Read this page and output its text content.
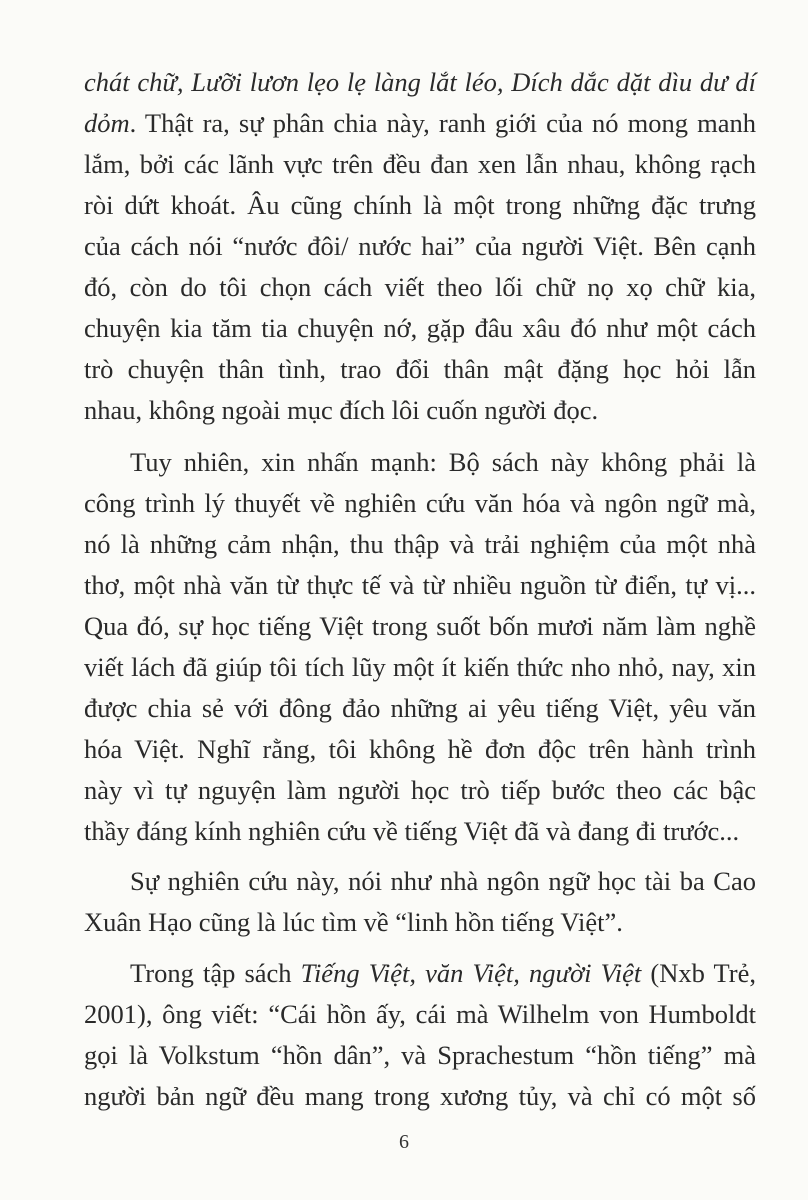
chát chữ, Lưỡi lươn lẹo lẹ làng lắt léo, Dích dắc dặt dìu dư dí
dỏm. Thật ra, sự phân chia này, ranh giới của nó mong manh
lắm, bởi các lãnh vực trên đều đan xen lẫn nhau, không rạch
ròi dứt khoát. Âu cũng chính là một trong những đặc trưng
của cách nói “nước đôi/ nước hai” của người Việt. Bên cạnh
đó, còn do tôi chọn cách viết theo lối chữ nọ xọ chữ kia,
chuyện kia tăm tia chuyện nớ, gặp đâu xâu đó như một cách
trò chuyện thân tình, trao đổi thân mật đặng học hỏi lẫn
nhau, không ngoài mục đích lôi cuốn người đọc.
Tuy nhiên, xin nhấn mạnh: Bộ sách này không phải là
công trình lý thuyết về nghiên cứu văn hóa và ngôn ngữ mà,
nó là những cảm nhận, thu thập và trải nghiệm của một nhà
thơ, một nhà văn từ thực tế và từ nhiều nguồn từ điển, tự vị...
Qua đó, sự học tiếng Việt trong suốt bốn mươi năm làm nghề
viết lách đã giúp tôi tích lũy một ít kiến thức nho nhỏ, nay, xin
được chia sẻ với đông đảo những ai yêu tiếng Việt, yêu văn
hóa Việt. Nghĩ rằng, tôi không hề đơn độc trên hành trình
này vì tự nguyện làm người học trò tiếp bước theo các bậc
thầy đáng kính nghiên cứu về tiếng Việt đã và đang đi trước...
Sự nghiên cứu này, nói như nhà ngôn ngữ học tài ba Cao
Xuân Hạo cũng là lúc tìm về “linh hồn tiếng Việt”.
Trong tập sách Tiếng Việt, văn Việt, người Việt (Nxb Trẻ,
2001), ông viết: “Cái hồn ấy, cái mà Wilhelm von Humboldt
gọi là Volkstum “hồn dân”, và Sprachestum “hồn tiếng” mà
người bản ngữ đều mang trong xương tủy, và chỉ có một số
6
